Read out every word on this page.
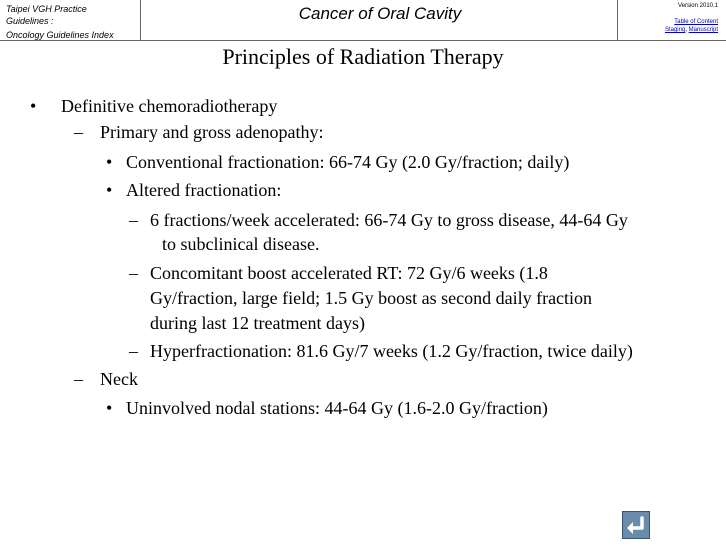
Taipei VGH Practice
Guidelines :
Oncology Guidelines Index
Cancer of Oral Cavity	Version 2010.1

Table of Content
Staging, Manuscript
Principles of Radiation Therapy
• Definitive chemoradiotherapy
– Primary and gross adenopathy:
• Conventional fractionation: 66-74 Gy (2.0 Gy/fraction; daily)
• Altered fractionation:
– 6 fractions/week accelerated: 66-74 Gy to gross disease, 44-64 Gy
to subclinical disease.
– Concomitant boost accelerated RT: 72 Gy/6 weeks (1.8
Gy/fraction, large field; 1.5 Gy boost as second daily fraction
during last 12 treatment days)
– Hyperfractionation: 81.6 Gy/7 weeks (1.2 Gy/fraction, twice daily)
– Neck
• Uninvolved nodal stations: 44-64 Gy (1.6-2.0 Gy/fraction)
